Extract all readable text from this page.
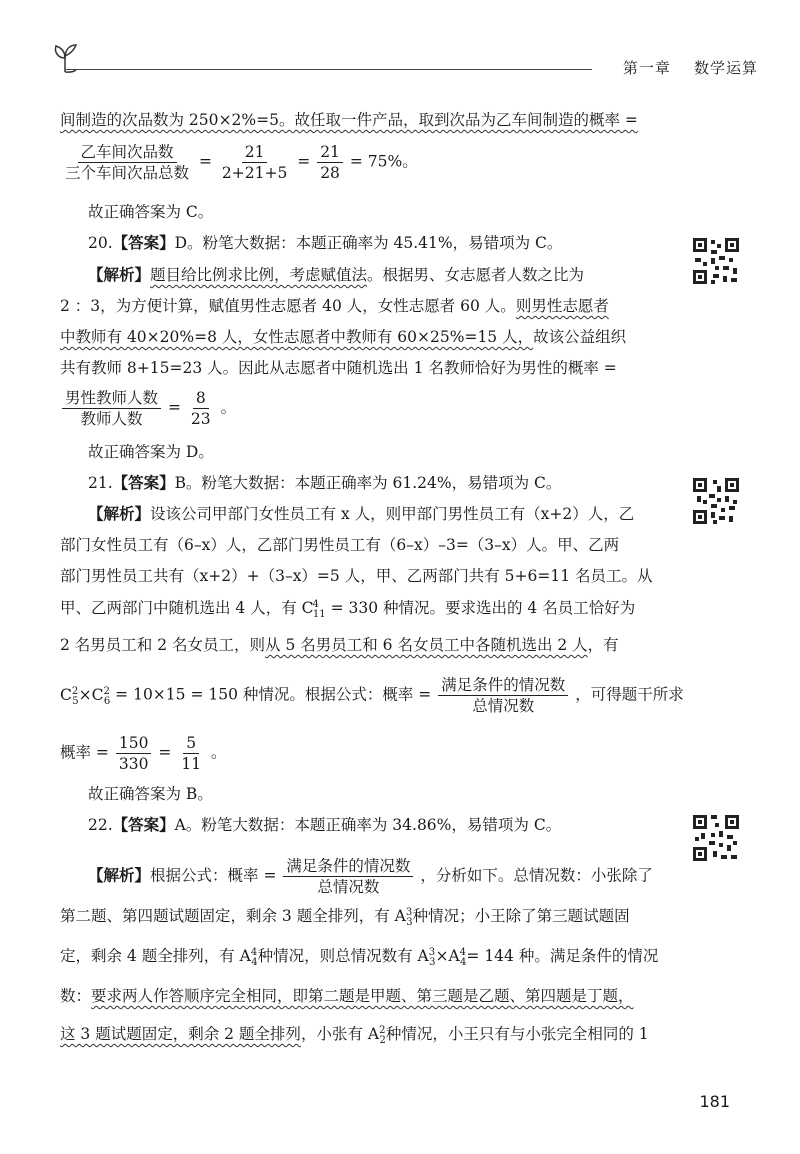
第一章 数学运算
间制造的次品数为 250×2%=5。故任取一件产品，取到次品为乙车间制造的概率 =
$\frac{\text{乙车间次品数}}{\text{三个车间次品总数}} = \frac{21}{2+21+5} = \frac{21}{28} = 75\%$。
故正确答案为 C。
20.【答案】D。粉笔大数据：本题正确率为 45.41%，易错项为 C。
【解析】题目给比例求比例，考虑赋值法。根据男、女志愿者人数之比为
2 ：3，为方便计算，赋值男性志愿者 40 人，女性志愿者 60 人。则男性志愿者
中教师有 40×20%=8 人，女性志愿者中教师有 60×25%=15 人，故该公益组织
共有教师 8+15=23 人。因此从志愿者中随机选出 1 名教师恰好为男性的概率 =
$\frac{\text{男性教师人数}}{\text{教师人数}} = \frac{8}{23}$ 。
故正确答案为 D。
21.【答案】B。粉笔大数据：本题正确率为 61.24%，易错项为 C。
【解析】设该公司甲部门女性员工有 x 人，则甲部门男性员工有（x+2）人，乙
部门女性员工有（6–x）人，乙部门男性员工有（6–x）–3=（3–x）人。甲、乙两
部门男性员工共有（x+2）+（3–x）=5 人，甲、乙两部门共有 5+6=11 名员工。从
甲、乙两部门中随机选出 4 人，有 $C^4_{11} = 330$ 种情况。要求选出的 4 名员工恰好为
2 名男员工和 2 名女员工，则从 5 名男员工和 6 名女员工中各随机选出 2 人，有
$C^2_5\times C^2_6 = 10\times 15 = 150$ 种情况。根据公式：概率 = $\frac{\text{满足条件的情况数}}{\text{总情况数}}$ ，可得题干所求
概率 = $\frac{150}{330} = \frac{5}{11}$ 。
故正确答案为 B。
22.【答案】A。粉笔大数据：本题正确率为 34.86%，易错项为 C。
【解析】根据公式：概率 = $\frac{\text{满足条件的情况数}}{\text{总情况数}}$ ，分析如下。总情况数：小张除了
第二题、第四题试题固定，剩余 3 题全排列，有 $A^3_3$种情况；小王除了第三题试题固
定，剩余 4 题全排列，有 $A^4_4$种情况，则总情况数有 $A^3_3\times A^4_4= 144$ 种。满足条件的情况
数：要求两人作答顺序完全相同，即第二题是甲题、第三题是乙题、第四题是丁题，
这 3 题试题固定，剩余 2 题全排列，小张有 $A^2_2$种情况，小王只有与小张完全相同的 1
181
